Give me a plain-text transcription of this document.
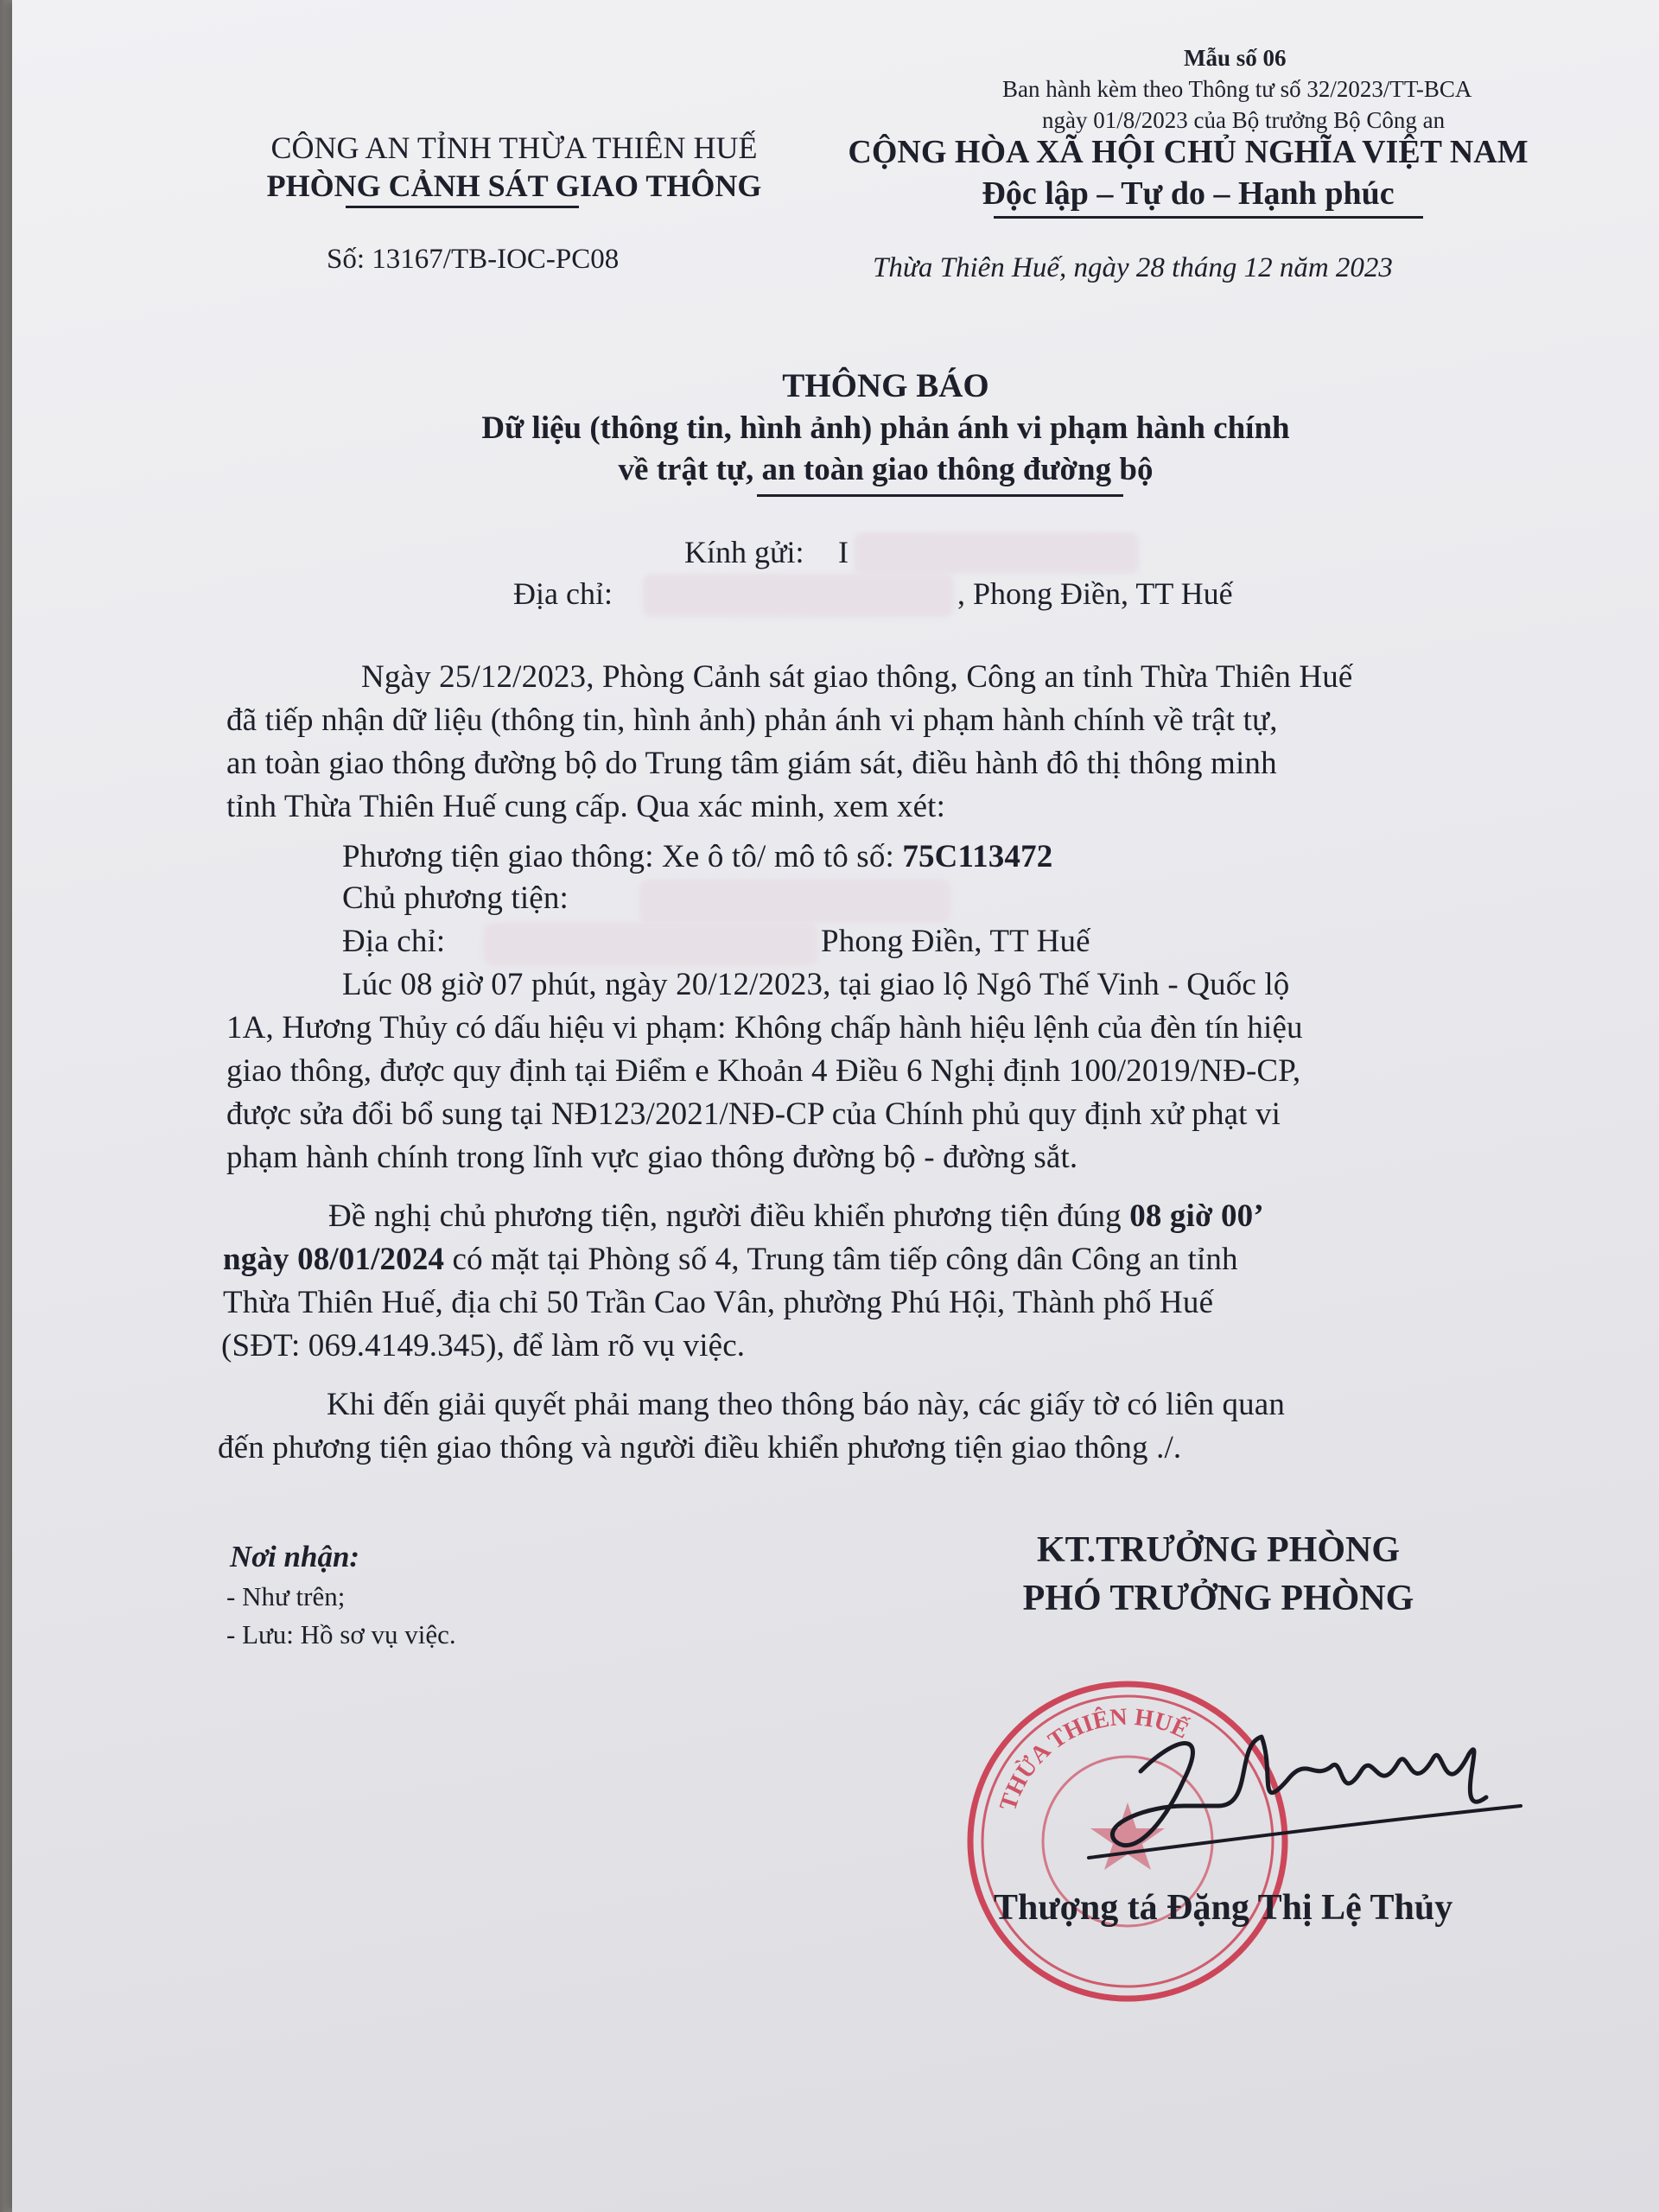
Mẫu số 06
Ban hành kèm theo Thông tư số 32/2023/TT-BCA
ngày 01/8/2023 của Bộ trưởng Bộ Công an
CÔNG AN TỈNH THỪA THIÊN HUẾ
PHÒNG CẢNH SÁT GIAO THÔNG
Số: 13167/TB-IOC-PC08
CỘNG HÒA XÃ HỘI CHỦ NGHĨA VIỆT NAM
Độc lập – Tự do – Hạnh phúc
Thừa Thiên Huế, ngày 28 tháng 12 năm 2023
THÔNG BÁO
Dữ liệu (thông tin, hình ảnh) phản ánh vi phạm hành chính
về trật tự, an toàn giao thông đường bộ
Kính gửi: I
Địa chỉ:	, Phong Điền, TT Huế
Ngày 25/12/2023, Phòng Cảnh sát giao thông, Công an tỉnh Thừa Thiên Huế
đã tiếp nhận dữ liệu (thông tin, hình ảnh) phản ánh vi phạm hành chính về trật tự,
an toàn giao thông đường bộ do Trung tâm giám sát, điều hành đô thị thông minh
tỉnh Thừa Thiên Huế cung cấp. Qua xác minh, xem xét:
Phương tiện giao thông: Xe ô tô/ mô tô số: 75C113472
Chủ phương tiện:
Địa chỉ:	Phong Điền, TT Huế
Lúc 08 giờ 07 phút, ngày 20/12/2023, tại giao lộ Ngô Thế Vinh - Quốc lộ
1A, Hương Thủy có dấu hiệu vi phạm: Không chấp hành hiệu lệnh của đèn tín hiệu
giao thông, được quy định tại Điểm e Khoản 4 Điều 6 Nghị định 100/2019/NĐ-CP,
được sửa đổi bổ sung tại NĐ123/2021/NĐ-CP của Chính phủ quy định xử phạt vi
phạm hành chính trong lĩnh vực giao thông đường bộ - đường sắt.
Đề nghị chủ phương tiện, người điều khiển phương tiện đúng 08 giờ 00’
ngày 08/01/2024 có mặt tại Phòng số 4, Trung tâm tiếp công dân Công an tỉnh
Thừa Thiên Huế, địa chỉ 50 Trần Cao Vân, phường Phú Hội, Thành phố Huế
(SĐT: 069.4149.345), để làm rõ vụ việc.
Khi đến giải quyết phải mang theo thông báo này, các giấy tờ có liên quan
đến phương tiện giao thông và người điều khiển phương tiện giao thông ./.
Nơi nhận:
- Như trên;
- Lưu: Hồ sơ vụ việc.
KT.TRƯỞNG PHÒNG
PHÓ TRƯỞNG PHÒNG
THỪA THIÊN HUẾ
Thượng tá Đặng Thị Lệ Thủy
